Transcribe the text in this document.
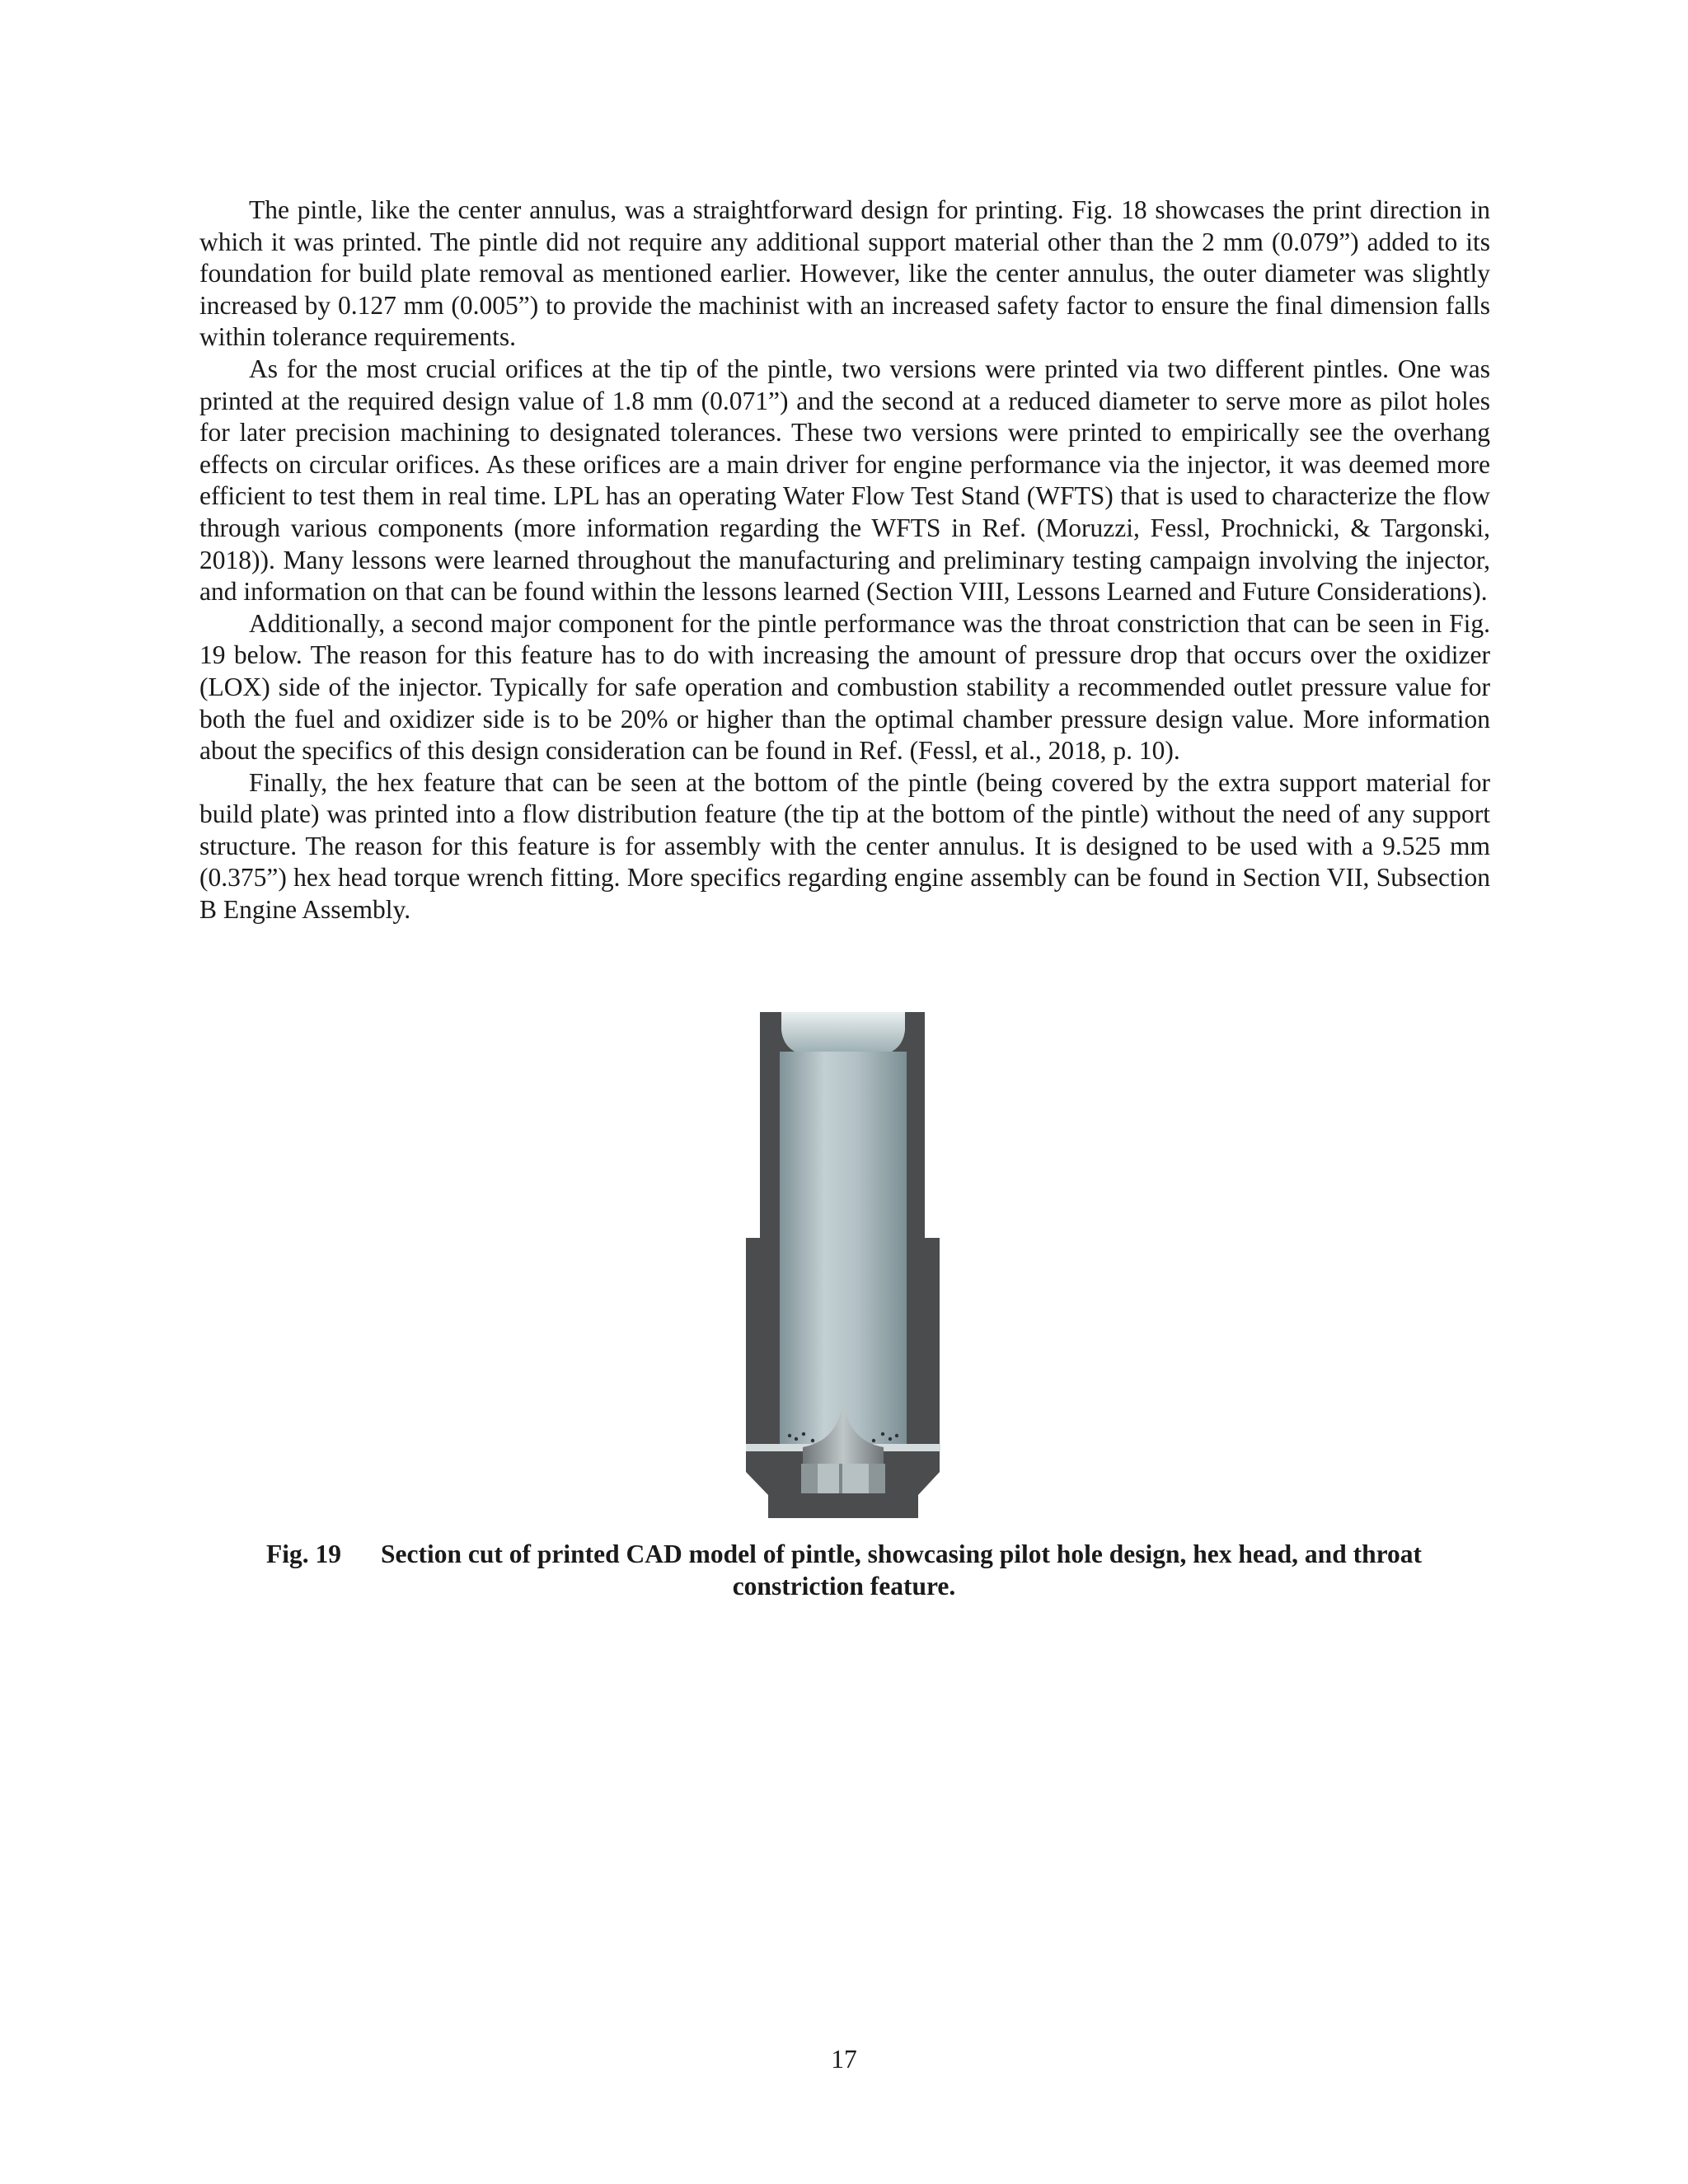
The pintle, like the center annulus, was a straightforward design for printing. Fig. 18 showcases the print direction in which it was printed. The pintle did not require any additional support material other than the 2 mm (0.079”) added to its foundation for build plate removal as mentioned earlier. However, like the center annulus, the outer diameter was slightly increased by 0.127 mm (0.005”) to provide the machinist with an increased safety factor to ensure the final dimension falls within tolerance requirements.

As for the most crucial orifices at the tip of the pintle, two versions were printed via two different pintles. One was printed at the required design value of 1.8 mm (0.071”) and the second at a reduced diameter to serve more as pilot holes for later precision machining to designated tolerances. These two versions were printed to empirically see the overhang effects on circular orifices. As these orifices are a main driver for engine performance via the injector, it was deemed more efficient to test them in real time. LPL has an operating Water Flow Test Stand (WFTS) that is used to characterize the flow through various components (more information regarding the WFTS in Ref. (Moruzzi, Fessl, Prochnicki, & Targonski, 2018)). Many lessons were learned throughout the manufacturing and preliminary testing campaign involving the injector, and information on that can be found within the lessons learned (Section VIII, Lessons Learned and Future Considerations).

Additionally, a second major component for the pintle performance was the throat constriction that can be seen in Fig. 19 below. The reason for this feature has to do with increasing the amount of pressure drop that occurs over the oxidizer (LOX) side of the injector. Typically for safe operation and combustion stability a recommended outlet pressure value for both the fuel and oxidizer side is to be 20% or higher than the optimal chamber pressure design value. More information about the specifics of this design consideration can be found in Ref. (Fessl, et al., 2018, p. 10).

Finally, the hex feature that can be seen at the bottom of the pintle (being covered by the extra support material for build plate) was printed into a flow distribution feature (the tip at the bottom of the pintle) without the need of any support structure. The reason for this feature is for assembly with the center annulus. It is designed to be used with a 9.525 mm (0.375”) hex head torque wrench fitting. More specifics regarding engine assembly can be found in Section VII, Subsection B Engine Assembly.

Fig. 19 Section cut of printed CAD model of pintle, showcasing pilot hole design, hex head, and throat constriction feature.
17
